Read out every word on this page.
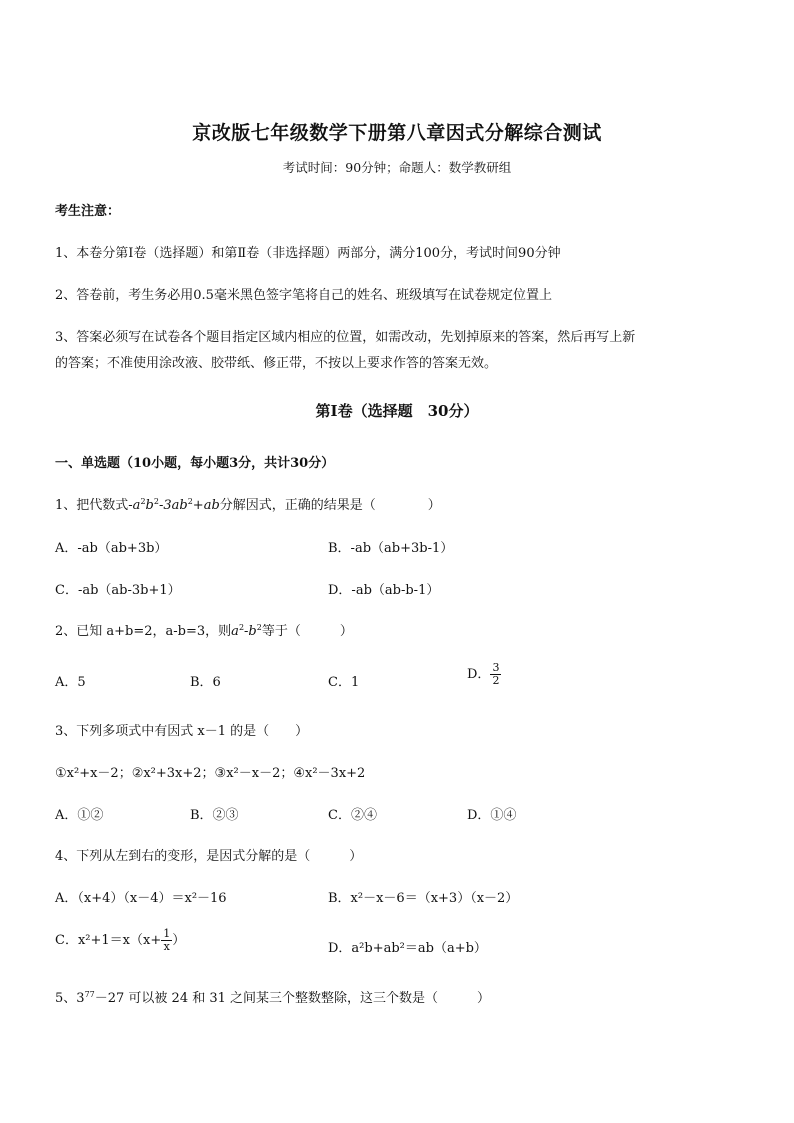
京改版七年级数学下册第八章因式分解综合测试
考试时间：90分钟；命题人：数学教研组
考生注意：
1、本卷分第Ⅰ卷（选择题）和第Ⅱ卷（非选择题）两部分，满分100分，考试时间90分钟
2、答卷前，考生务必用0.5毫米黑色签字笔将自己的姓名、班级填写在试卷规定位置上
3、答案必须写在试卷各个题目指定区域内相应的位置，如需改动，先划掉原来的答案，然后再写上新
的答案；不准使用涂改液、胶带纸、修正带，不按以上要求作答的答案无效。
第Ⅰ卷（选择题　30分）
一、单选题（10小题，每小题3分，共计30分）
1、把代数式$-a^2b^2-3ab^2+ab$分解因式，正确的结果是（　　　　）
A．-ab（ab+3b）	B．-ab（ab+3b-1）
C．-ab（ab-3b+1）	D．-ab（ab-b-1）
2、已知 a+b=2，a-b=3，则$a^2-b^2$等于（　　　）
A．5	B．6	C．1
D． $\frac{3}{2}$
3、下列多项式中有因式 x－1 的是（　　）
①x²+x－2；②x²+3x+2；③x²－x－2；④x²－3x+2
A．①②	B．②③	C．②④	D．①④
4、下列从左到右的变形，是因式分解的是（　　　）
A．（x+4）（x－4）＝x²－16	B．x²－x－6＝（x+3）（x－2）
C．$x^2+1=x(x+ \frac{1}{x}$ ）
D．a²b+ab²＝ab（a+b）
5、$3^{77}-27$ 可以被 24 和 31 之间某三个整数整除，这三个数是（　　　）
